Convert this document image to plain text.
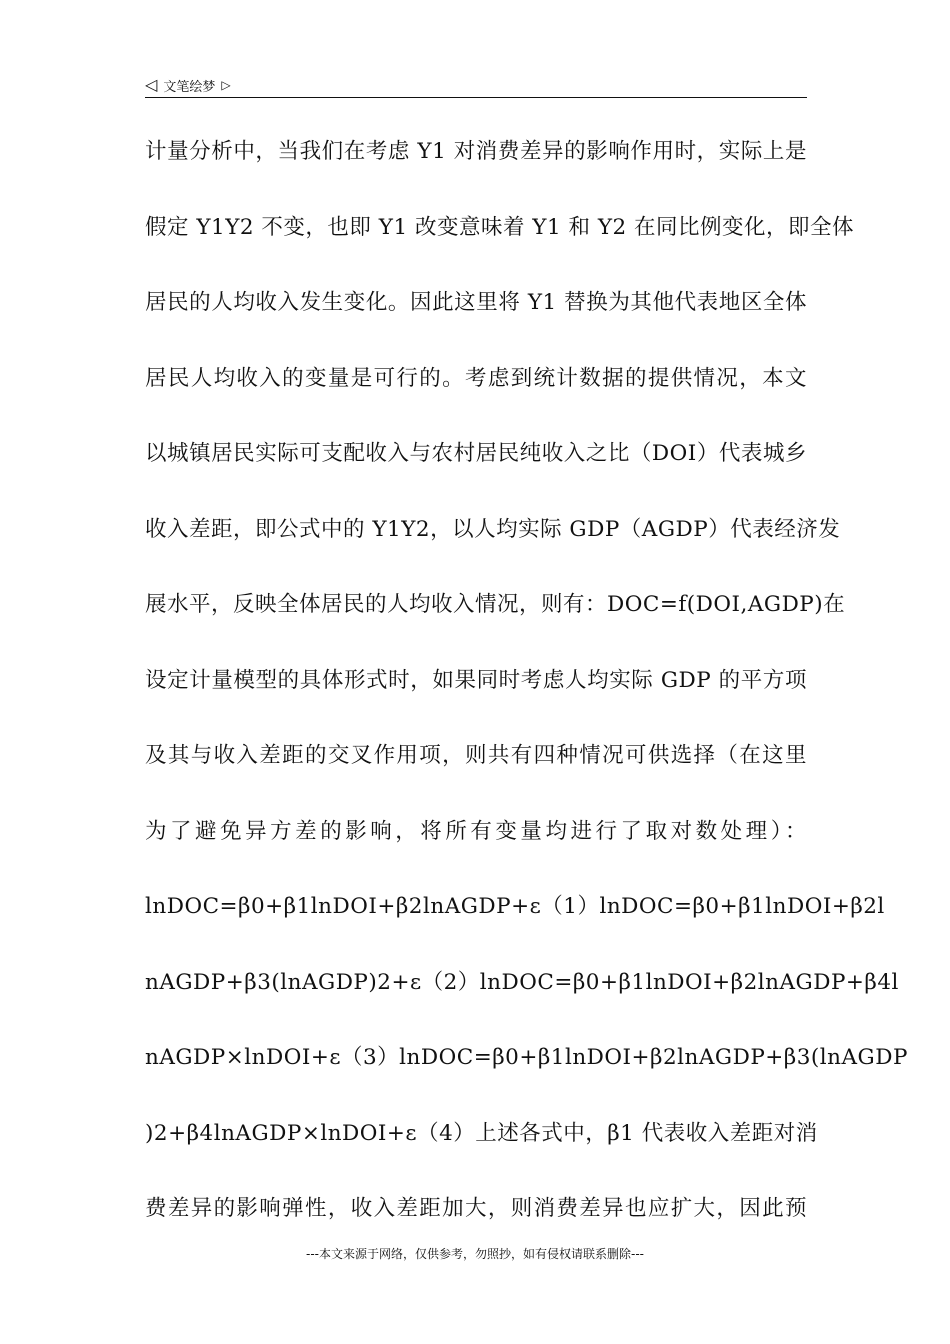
◁ 文笔绘梦 ▷
计量分析中，当我们在考虑 Y1 对消费差异的影响作用时，实际上是
假定 Y1Y2 不变，也即 Y1 改变意味着 Y1 和 Y2 在同比例变化，即全体
居民的人均收入发生变化。因此这里将 Y1 替换为其他代表地区全体
居民人均收入的变量是可行的。考虑到统计数据的提供情况，本文
以城镇居民实际可支配收入与农村居民纯收入之比（DOI）代表城乡
收入差距，即公式中的 Y1Y2，以人均实际 GDP（AGDP）代表经济发
展水平，反映全体居民的人均收入情况，则有：DOC=f(DOI,AGDP)在
设定计量模型的具体形式时，如果同时考虑人均实际 GDP 的平方项
及其与收入差距的交叉作用项，则共有四种情况可供选择（在这里
为了避免异方差的影响，将所有变量均进行了取对数处理）：
lnDOC=β0+β1lnDOI+β2lnAGDP+ε（1）lnDOC=β0+β1lnDOI+β2l
nAGDP+β3(lnAGDP)2+ε（2）lnDOC=β0+β1lnDOI+β2lnAGDP+β4l
nAGDP×lnDOI+ε（3）lnDOC=β0+β1lnDOI+β2lnAGDP+β3(lnAGDP
)2+β4lnAGDP×lnDOI+ε（4）上述各式中，β1 代表收入差距对消
费差异的影响弹性，收入差距加大，则消费差异也应扩大，因此预
---本文来源于网络，仅供参考，勿照抄，如有侵权请联系删除---
